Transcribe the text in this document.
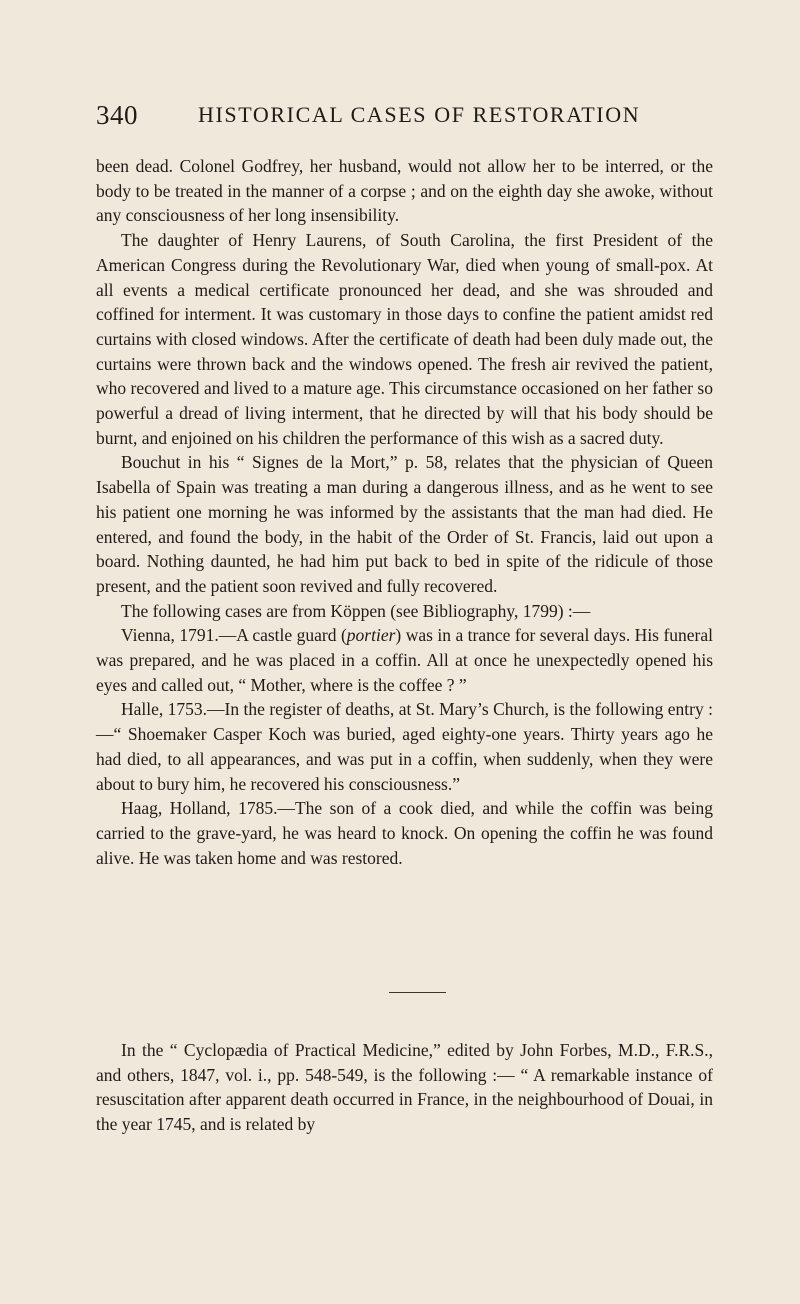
340	HISTORICAL CASES OF RESTORATION

been dead. Colonel Godfrey, her husband, would not allow her to be interred, or the body to be treated in the manner of a corpse ; and on the eighth day she awoke, without any consciousness of her long insensibility.

The daughter of Henry Laurens, of South Carolina, the first President of the American Congress during the Revolutionary War, died when young of small-pox. At all events a medical certificate pronounced her dead, and she was shrouded and coffined for interment. It was customary in those days to confine the patient amidst red curtains with closed windows. After the certificate of death had been duly made out, the curtains were thrown back and the windows opened. The fresh air revived the patient, who recovered and lived to a mature age. This circumstance occasioned on her father so powerful a dread of living interment, that he directed by will that his body should be burnt, and enjoined on his children the performance of this wish as a sacred duty.

Bouchut in his “ Signes de la Mort,” p. 58, relates that the physician of Queen Isabella of Spain was treating a man during a dangerous illness, and as he went to see his patient one morning he was informed by the assistants that the man had died. He entered, and found the body, in the habit of the Order of St. Francis, laid out upon a board. Nothing daunted, he had him put back to bed in spite of the ridicule of those present, and the patient soon revived and fully recovered.

The following cases are from Köppen (see Bibliography, 1799) :—

Vienna, 1791.—A castle guard (portier) was in a trance for several days. His funeral was prepared, and he was placed in a coffin. All at once he unexpectedly opened his eyes and called out, “ Mother, where is the coffee ? ”

Halle, 1753.—In the register of deaths, at St. Mary’s Church, is the following entry :—“ Shoemaker Casper Koch was buried, aged eighty-one years. Thirty years ago he had died, to all appearances, and was put in a coffin, when suddenly, when they were about to bury him, he recovered his consciousness.”

Haag, Holland, 1785.—The son of a cook died, and while the coffin was being carried to the grave-yard, he was heard to knock. On opening the coffin he was found alive. He was taken home and was restored.

In the “ Cyclopædia of Practical Medicine,” edited by John Forbes, M.D., F.R.S., and others, 1847, vol. i., pp. 548-549, is the following :— “ A remarkable instance of resuscitation after apparent death occurred in France, in the neighbourhood of Douai, in the year 1745, and is related by
